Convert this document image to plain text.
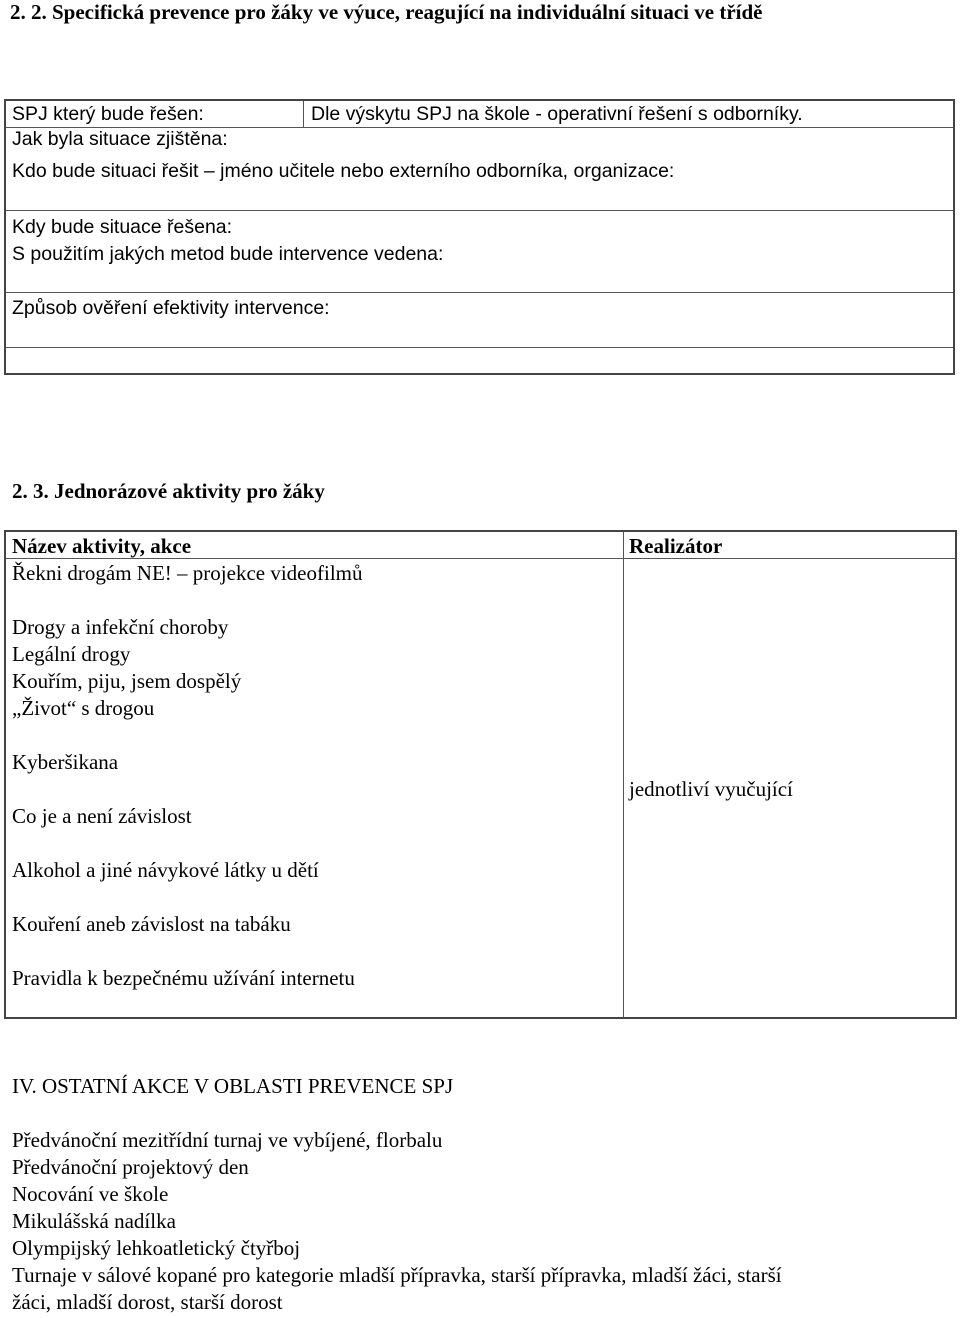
2. 2. Specifická prevence pro žáky ve výuce, reagující na individuální situaci ve třídě
SPJ který bude řešen:	Dle výskytu SPJ na škole - operativní řešení s odborníky.
Jak byla situace zjištěna:
Kdo bude situaci řešit – jméno učitele nebo externího odborníka, organizace:
Kdy bude situace řešena:
S použitím jakých metod bude intervence vedena:
Způsob ověření efektivity intervence:
2. 3. Jednorázové aktivity pro žáky
Název aktivity, akce	Realizátor
Řekni drogám NE! – projekce videofilmů
Drogy a infekční choroby
Legální drogy
Kouřím, piju, jsem dospělý
„Život“ s drogou
Kyberšikana
Co je a není závislost
Alkohol a jiné návykové látky u dětí
Kouření aneb závislost na tabáku
Pravidla k bezpečnému užívání internetu
jednotliví vyučující
IV. OSTATNÍ AKCE V OBLASTI PREVENCE SPJ
Předvánoční mezitřídní turnaj ve vybíjené, florbalu
Předvánoční projektový den
Nocování ve škole
Mikulášská nadílka
Olympijský lehkoatletický čtyřboj
Turnaje v sálové kopané pro kategorie mladší přípravka, starší přípravka, mladší žáci, starší
žáci, mladší dorost, starší dorost
